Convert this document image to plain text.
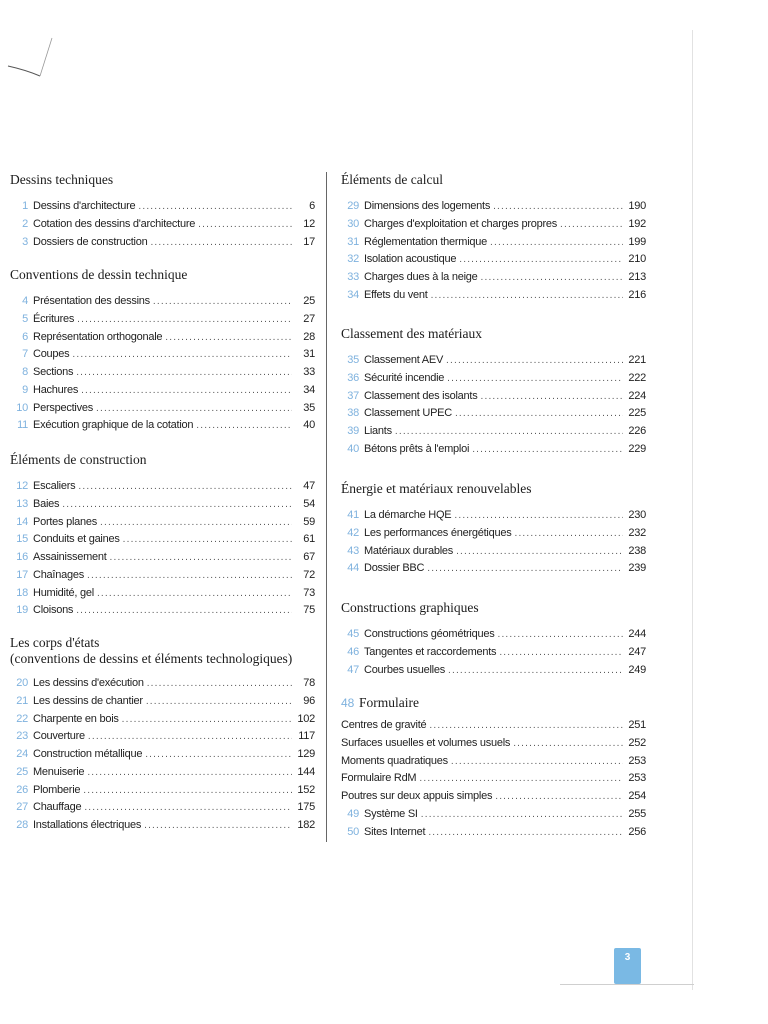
Dessins techniques
1 Dessins d'architecture .....	6
2 Cotation des dessins d'architecture .....	12
3 Dossiers de construction .....	17
Conventions de dessin technique
4 Présentation des dessins .....	25
5 Écritures .....	27
6 Représentation orthogonale .....	28
7 Coupes .....	31
8 Sections .....	33
9 Hachures .....	34
10 Perspectives .....	35
11 Exécution graphique de la cotation .....	40
Éléments de construction
12 Escaliers .....	47
13 Baies .....	54
14 Portes planes .....	59
15 Conduits et gaines .....	61
16 Assainissement .....	67
17 Chaînages .....	72
18 Humidité, gel .....	73
19 Cloisons .....	75
Les corps d'états
(conventions de dessins et éléments technologiques)
20 Les dessins d'exécution .....	78
21 Les dessins de chantier .....	96
22 Charpente en bois .....	102
23 Couverture .....	117
24 Construction métallique .....	129
25 Menuiserie .....	144
26 Plomberie .....	152
27 Chauffage .....	175
28 Installations électriques .....	182
Éléments de calcul
29 Dimensions des logements .....	190
30 Charges d'exploitation et charges propres .....	192
31 Réglementation thermique .....	199
32 Isolation acoustique .....	210
33 Charges dues à la neige .....	213
34 Effets du vent .....	216
Classement des matériaux
35 Classement AEV .....	221
36 Sécurité incendie .....	222
37 Classement des isolants .....	224
38 Classement UPEC .....	225
39 Liants .....	226
40 Bétons prêts à l'emploi .....	229
Énergie et matériaux renouvelables
41 La démarche HQE .....	230
42 Les performances énergétiques .....	232
43 Matériaux durables .....	238
44 Dossier BBC .....	239
Constructions graphiques
45 Constructions géométriques .....	244
46 Tangentes et raccordements .....	247
47 Courbes usuelles .....	249
48 Formulaire
Centres de gravité .....	251
Surfaces usuelles et volumes usuels .....	252
Moments quadratiques .....	253
Formulaire RdM .....	253
Poutres sur deux appuis simples .....	254
49 Système SI .....	255
50 Sites Internet .....	256
3
